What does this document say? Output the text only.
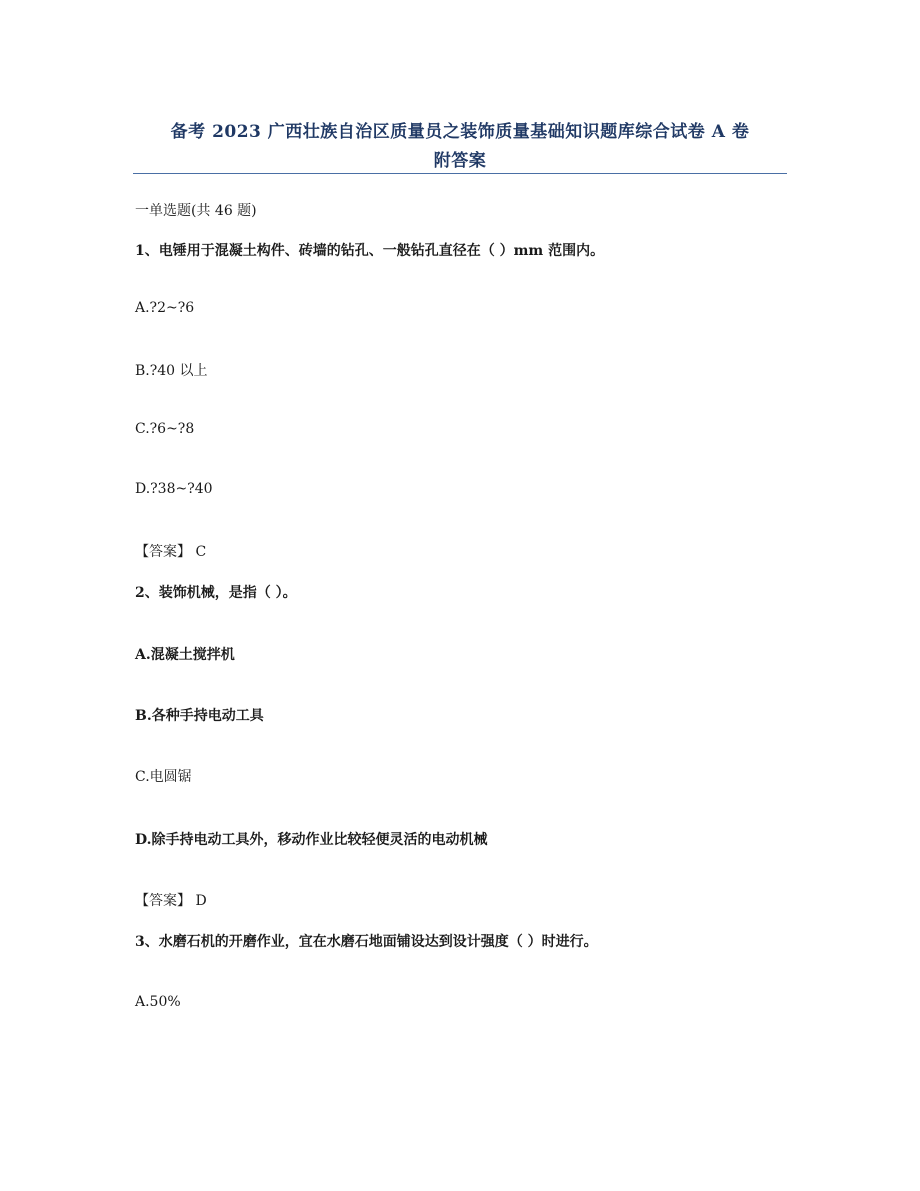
备考 2023 广西壮族自治区质量员之装饰质量基础知识题库综合试卷 A 卷
附答案
一单选题(共 46 题)
1、电锤用于混凝土构件、砖墙的钻孔、一般钻孔直径在（ ）mm 范围内。
A.?2~?6
B.?40 以上
C.?6~?8
D.?38~?40
【答案】 C
2、装饰机械，是指（ ）。
A.混凝土搅拌机
B.各种手持电动工具
C.电圆锯
D.除手持电动工具外，移动作业比较轻便灵活的电动机械
【答案】 D
3、水磨石机的开磨作业，宜在水磨石地面铺设达到设计强度（ ）时进行。
A.50%
